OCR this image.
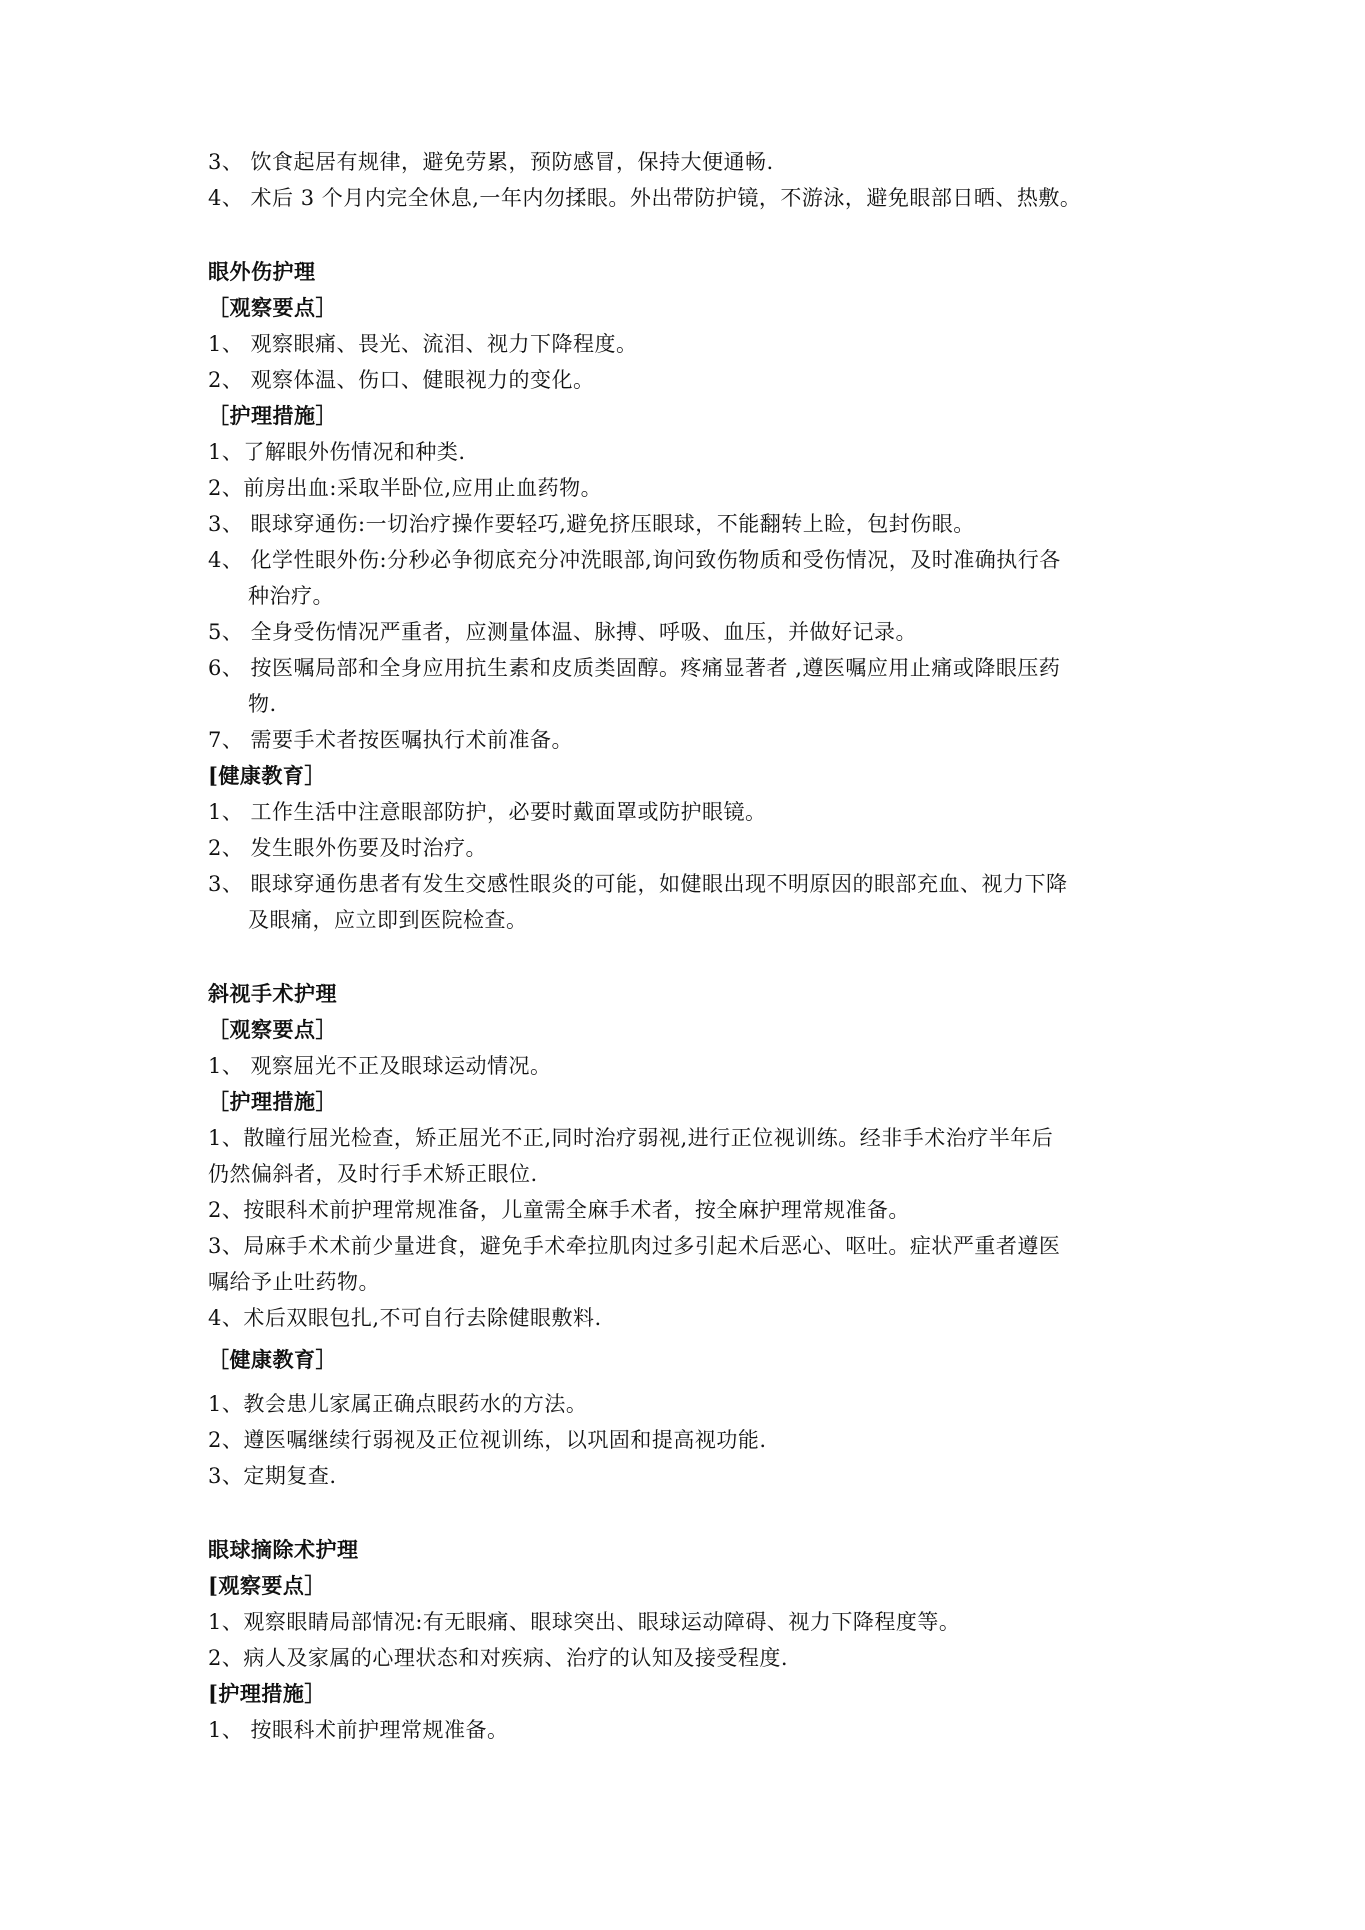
3、 饮食起居有规律，避免劳累，预防感冒，保持大便通畅.
4、 术后 3 个月内完全休息,一年内勿揉眼。外出带防护镜，不游泳，避免眼部日晒、热敷。
眼外伤护理
［观察要点］
1、 观察眼痛、畏光、流泪、视力下降程度。
2、 观察体温、伤口、健眼视力的变化。
［护理措施］
1、了解眼外伤情况和种类.
2、前房出血:采取半卧位,应用止血药物。
3、 眼球穿通伤:一切治疗操作要轻巧,避免挤压眼球，不能翻转上睑，包封伤眼。
4、 化学性眼外伤:分秒必争彻底充分冲洗眼部,询问致伤物质和受伤情况，及时准确执行各
种治疗。
5、 全身受伤情况严重者，应测量体温、脉搏、呼吸、血压，并做好记录。
6、 按医嘱局部和全身应用抗生素和皮质类固醇。疼痛显著者 ,遵医嘱应用止痛或降眼压药
物.
7、 需要手术者按医嘱执行术前准备。
[健康教育］
1、 工作生活中注意眼部防护，必要时戴面罩或防护眼镜。
2、 发生眼外伤要及时治疗。
3、 眼球穿通伤患者有发生交感性眼炎的可能，如健眼出现不明原因的眼部充血、视力下降
及眼痛，应立即到医院检查。
斜视手术护理
［观察要点］
1、 观察屈光不正及眼球运动情况。
［护理措施］
1、散瞳行屈光检查，矫正屈光不正,同时治疗弱视,进行正位视训练。经非手术治疗半年后
仍然偏斜者，及时行手术矫正眼位.
2、按眼科术前护理常规准备，儿童需全麻手术者，按全麻护理常规准备。
3、局麻手术术前少量进食，避免手术牵拉肌肉过多引起术后恶心、呕吐。症状严重者遵医
嘱给予止吐药物。
4、术后双眼包扎,不可自行去除健眼敷料.
［健康教育］
1、教会患儿家属正确点眼药水的方法。
2、遵医嘱继续行弱视及正位视训练，以巩固和提高视功能.
3、定期复查.
眼球摘除术护理
[观察要点］
1、观察眼睛局部情况:有无眼痛、眼球突出、眼球运动障碍、视力下降程度等。
2、病人及家属的心理状态和对疾病、治疗的认知及接受程度.
[护理措施］
1、 按眼科术前护理常规准备。
